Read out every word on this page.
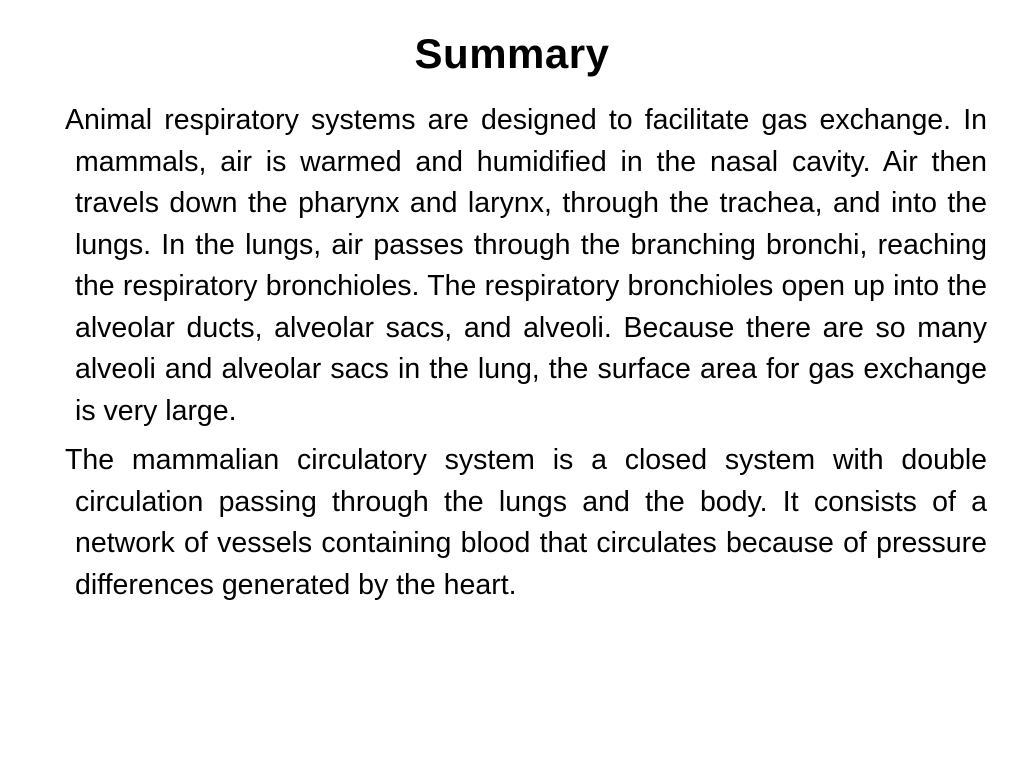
Summary

Animal respiratory systems are designed to facilitate gas exchange. In mammals, air is warmed and humidified in the nasal cavity. Air then travels down the pharynx and larynx, through the trachea, and into the lungs. In the lungs, air passes through the branching bronchi, reaching the respiratory bronchioles. The respiratory bronchioles open up into the alveolar ducts, alveolar sacs, and alveoli. Because there are so many alveoli and alveolar sacs in the lung, the surface area for gas exchange is very large.

The mammalian circulatory system is a closed system with double circulation passing through the lungs and the body. It consists of a network of vessels containing blood that circulates because of pressure differences generated by the heart.
